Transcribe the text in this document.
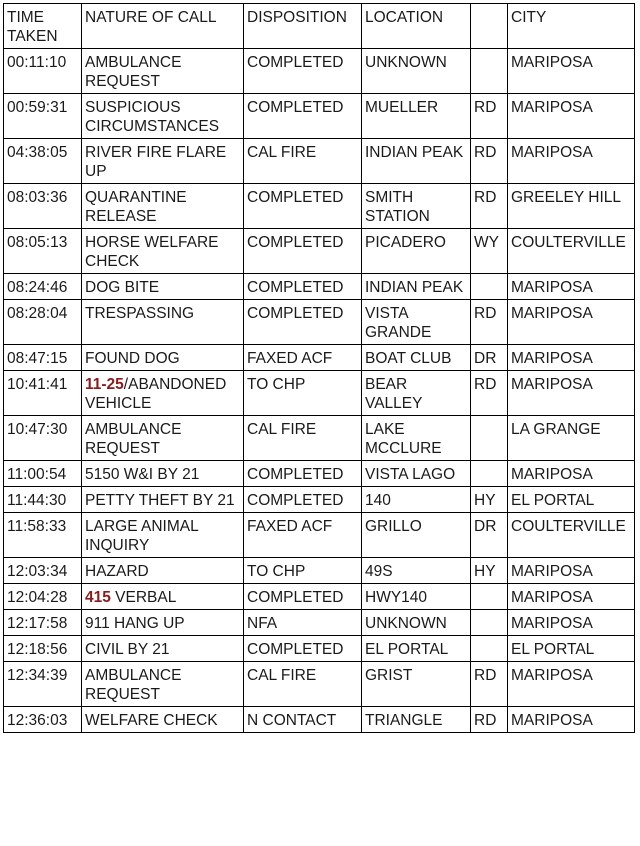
TIME TAKEN	NATURE OF CALL	DISPOSITION	LOCATION		CITY
00:11:10	AMBULANCE REQUEST	COMPLETED	UNKNOWN		MARIPOSA
00:59:31	SUSPICIOUS CIRCUMSTANCES	COMPLETED	MUELLER	RD	MARIPOSA
04:38:05	RIVER FIRE FLARE UP	CAL FIRE	INDIAN PEAK	RD	MARIPOSA
08:03:36	QUARANTINE RELEASE	COMPLETED	SMITH STATION	RD	GREELEY HILL
08:05:13	HORSE WELFARE CHECK	COMPLETED	PICADERO	WY	COULTERVILLE
08:24:46	DOG BITE	COMPLETED	INDIAN PEAK		MARIPOSA
08:28:04	TRESPASSING	COMPLETED	VISTA GRANDE	RD	MARIPOSA
08:47:15	FOUND DOG	FAXED ACF	BOAT CLUB	DR	MARIPOSA
10:41:41	11-25/ABANDONED VEHICLE	TO CHP	BEAR VALLEY	RD	MARIPOSA
10:47:30	AMBULANCE REQUEST	CAL FIRE	LAKE MCCLURE		LA GRANGE
11:00:54	5150 W&I BY 21	COMPLETED	VISTA LAGO		MARIPOSA
11:44:30	PETTY THEFT BY 21	COMPLETED	140	HY	EL PORTAL
11:58:33	LARGE ANIMAL INQUIRY	FAXED ACF	GRILLO	DR	COULTERVILLE
12:03:34	HAZARD	TO CHP	49S	HY	MARIPOSA
12:04:28	415 VERBAL	COMPLETED	HWY140		MARIPOSA
12:17:58	911 HANG UP	NFA	UNKNOWN		MARIPOSA
12:18:56	CIVIL BY 21	COMPLETED	EL PORTAL		EL PORTAL
12:34:39	AMBULANCE REQUEST	CAL FIRE	GRIST	RD	MARIPOSA
12:36:03	WELFARE CHECK	N CONTACT	TRIANGLE	RD	MARIPOSA
